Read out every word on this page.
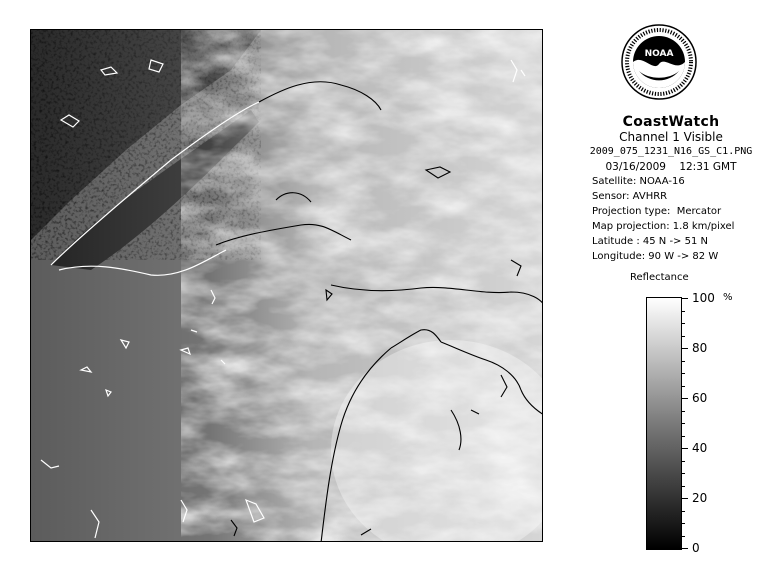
NOAA

CoastWatch

Channel 1 Visible

2009_075_1231_N16_GS_C1.PNG

03/16/2009    12:31 GMT

Satellite: NOAA-16

Sensor: AVHRR

Projection type:  Mercator

Map projection: 1.8 km/pixel

Latitude : 45 N -> 51 N

Longitude: 90 W -> 82 W

Reflectance
%
100
80
60
40
20
0
